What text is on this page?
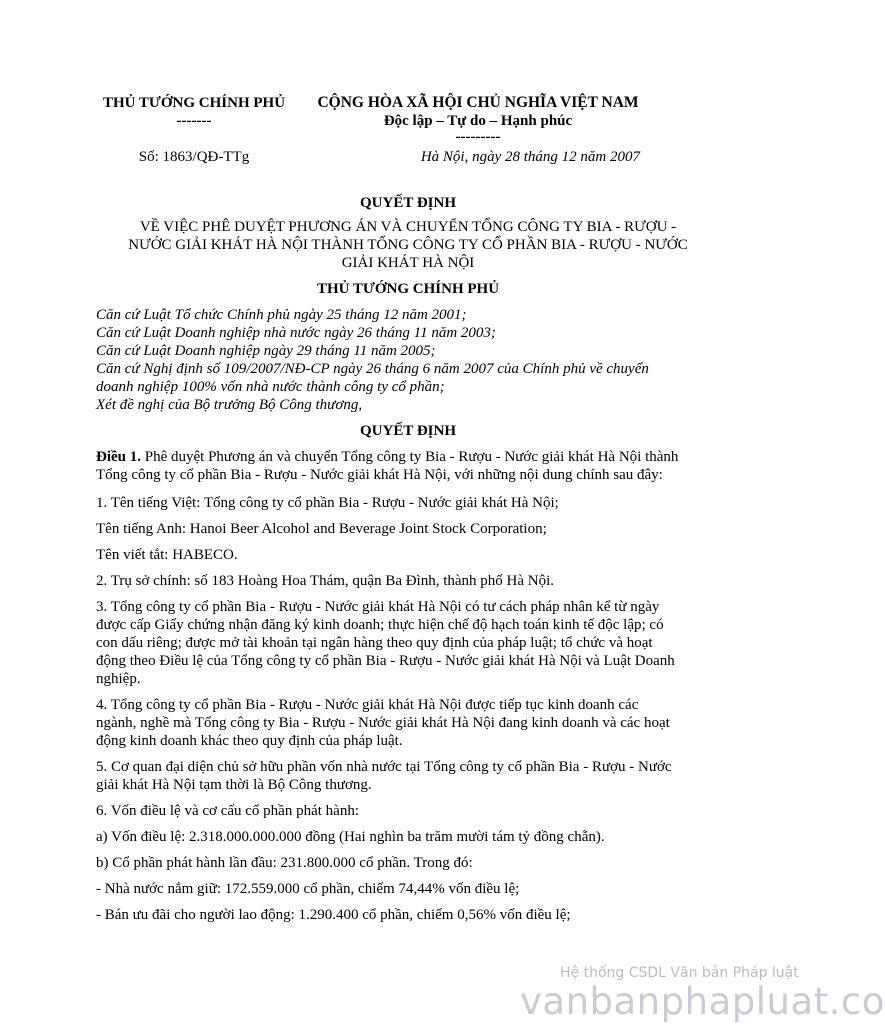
THỦ TƯỚNG CHÍNH PHỦ
-------
CỘNG HÒA XÃ HỘI CHỦ NGHĨA VIỆT NAM
Độc lập – Tự do – Hạnh phúc
---------
Số: 1863/QĐ-TTg	Hà Nội, ngày 28 tháng 12 năm 2007
QUYẾT ĐỊNH
VỀ VIỆC PHÊ DUYỆT PHƯƠNG ÁN VÀ CHUYỂN TỔNG CÔNG TY BIA - RƯỢU -
NƯỚC GIẢI KHÁT HÀ NỘI THÀNH TỔNG CÔNG TY CỔ PHẦN BIA - RƯỢU - NƯỚC
GIẢI KHÁT HÀ NỘI
THỦ TƯỚNG CHÍNH PHỦ
Căn cứ Luật Tổ chức Chính phủ ngày 25 tháng 12 năm 2001;
Căn cứ Luật Doanh nghiệp nhà nước ngày 26 tháng 11 năm 2003;
Căn cứ Luật Doanh nghiệp ngày 29 tháng 11 năm 2005;
Căn cứ Nghị định số 109/2007/NĐ-CP ngày 26 tháng 6 năm 2007 của Chính phủ về chuyển
doanh nghiệp 100% vốn nhà nước thành công ty cổ phần;
Xét đề nghị của Bộ trưởng Bộ Công thương,
QUYẾT ĐỊNH
Điều 1. Phê duyệt Phương án và chuyển Tổng công ty Bia - Rượu - Nước giải khát Hà Nội thành
Tổng công ty cổ phần Bia - Rượu - Nước giải khát Hà Nội, với những nội dung chính sau đây:
1. Tên tiếng Việt: Tổng công ty cổ phần Bia - Rượu - Nước giải khát Hà Nội;
Tên tiếng Anh: Hanoi Beer Alcohol and Beverage Joint Stock Corporation;
Tên viết tắt: HABECO.
2. Trụ sở chính: số 183 Hoàng Hoa Thám, quận Ba Đình, thành phố Hà Nội.
3. Tổng công ty cổ phần Bia - Rượu - Nước giải khát Hà Nội có tư cách pháp nhân kể từ ngày
được cấp Giấy chứng nhận đăng ký kinh doanh; thực hiện chế độ hạch toán kinh tế độc lập; có
con dấu riêng; được mở tài khoản tại ngân hàng theo quy định của pháp luật; tổ chức và hoạt
động theo Điều lệ của Tổng công ty cổ phần Bia - Rượu - Nước giải khát Hà Nội và Luật Doanh
nghiệp.
4. Tổng công ty cổ phần Bia - Rượu - Nước giải khát Hà Nội được tiếp tục kinh doanh các
ngành, nghề mà Tổng công ty Bia - Rượu - Nước giải khát Hà Nội đang kinh doanh và các hoạt
động kinh doanh khác theo quy định của pháp luật.
5. Cơ quan đại diện chủ sở hữu phần vốn nhà nước tại Tổng công ty cổ phần Bia - Rượu - Nước
giải khát Hà Nội tạm thời là Bộ Công thương.
6. Vốn điều lệ và cơ cấu cổ phần phát hành:
a) Vốn điều lệ: 2.318.000.000.000 đồng (Hai nghìn ba trăm mười tám tỷ đồng chẵn).
b) Cổ phần phát hành lần đầu: 231.800.000 cổ phần. Trong đó:
- Nhà nước nắm giữ: 172.559.000 cổ phần, chiếm 74,44% vốn điều lệ;
- Bán ưu đãi cho người lao động: 1.290.400 cổ phần, chiếm 0,56% vốn điều lệ;
Hệ thống CSDL Văn bản Pháp luật
vanbanphapluat.co
